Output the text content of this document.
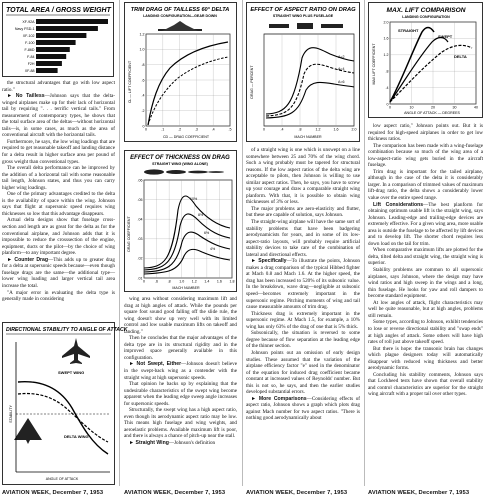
TOTAL AREA / GROSS WEIGHT
XF-92A
Navy FSD-1
XF-102
F-100
F-86D
F-84
F2H
XF-88

the structural advantages that go with low aspect ratio."

► No Tailless—Johnson says that the delta-winged airplanes make up for their lack of horizontal tail by requiring ". . . terrific vertical tails." From measurement of contemporary types, he shows that the total surface area of the deltas—without horizontal tails—is, in some cases, as much as the area of conventional aircraft with the horizontal tails.

Furthermore, he says, the low wing loadings that are required to get reasonable takeoff and landing distance for a delta result in higher surface area per pound of gross weight than conventional types.

The overall delta performance can be improved by the addition of a horizontal tail with some reasonable tail length, Johnson states, and thus you can carry higher wing loadings.

One of the primary advantages credited to the delta is the availability of space within the wing. Johnson says that flight at supersonic speed requires wing thicknesses so low that this advantage disappears.

Actual delta designs show that fuselage cross-section and length are as great for the delta as for the conventional airplane, and Johnson adds that it is impossible to reduce the crosssection of the engine, equipment, ducts or the pilot—by the choice of wing planform—to any important degree.

► Counter Drag—This adds up to greater drag for a delta at supersonic speeds because—even though fuselage drags are the same—the additional type—lower wing loading and larger vertical tail area increase the total.

"A major error in evaluating the delta type is generally made in considering

DIRECTIONAL STABILITY TO ANGLE OF ATTACK
STABILITY
ANGLE OF ATTACK
SWEPT WING
DELTA WING
AVIATION WEEK, December 7, 1953
TRIM DRAG OF TAILLESS 60° DELTA
LANDING CONFIGURATION—GEAR DOWN
0	.1	.2	.3	.4	.5
0
.2
.4
.6
.8
1.0
1.2
CL — LIFT COEFFICIENT
CD — DRAG COEFFICIENT
EFFECT OF THICKNESS ON DRAG
STRAIGHT WING (WING ALONE)
0	.6	.8 1.0 1.2 1.4 1.6 1.8
.01
.02
.03
.04
.05
.06
DRAG COEFFICIENT
MACH NUMBER
10%
8%
6%
4%

wing area without considering maximum lift and drag at high angles of attack. While the pounds per square foot sound good falling off the slide rule, the wing doesn't show up very well with its limited control and low usable maximum lifts on takeoff and landing."

Then he concludes that the major advantages of the delta type are in its structural rigidity and in the improved space generally available in this configuration.

► Not Swept, Either—Johnson doesn't believe in the swept-back wing as a contender with the straight wing at high supersonic speeds.

That opinion he backs up by explaining that the undesirable characteristics of the swept wing become apparent when the leading edge sweep angle increases for supersonic speeds.

Structurally, the swept wing has a high aspect ratio, even though its aerodynamic aspect ratio may be low. This means high fuselage and wing weights, and aeroelastic problems. Available maximum lift is poor, and there is always a chance of pitch-up near the stall.

► Straight Wing—Johnson's definition

AVIATION WEEK, December 7, 1953
EFFECT OF ASPECT RATIO ON DRAG
STRAIGHT WING PLUS FUSELAGE
0	.4	.8	1.2	1.6	2.0
DRAG — PERCENT
MACH NUMBER
A=2
A=4
A=6

of a straight wing is one which is unswept on a line somewhere between 25 and 70% of the wing chord. Such a wing probably must be tapered for structural reasons. If the low aspect ratios of the delta wing are acceptable to pilots, then Johnson is willing to use similar aspect ratios. Then, he says, you have to screw up your courage and draw a comparable straight wing planform. With that, it is possible to obtain wing thicknesses of 3% or less.

The major problems are aero-elasticity and flutter, but these are capable of solution, says Johnson.

The straight-wing airplane will have the same sort of stability problems that have been badgering aerodynamicists for years, and in some of its low-aspect-ratio layouts, will probably require artificial stability devices to take care of the combination of lateral and directional effects.

► Specifically—To illustrate the points, Johnson makes a drag comparison of the typical Hibbed fighter at Mach 0.8 and Mach 1.6. At the higher speed, the drag has been increased to 520% of its subsonic value. In the breakdown, wave drag—negligible at subsonic speed—becomes extremely important in the supersonic regime. Pitching moments of wing and tail cause measurable amounts of trim drag.

Thickness drag is extremely important in the supersonic regime. At Mach 1.5, for example, a 10% wing has only 63% of the drag of one that is 5% thick.

Subsonically, the situation is reversed to some degree because of flow separation at the leading edge of the thinner section.

Johnson points out an omission of early design studies. These assumed that the variation of the airplane efficiency factor "e" used in the denominator of the equation for induced drag coefficient became constant at increased values of Reynolds' number. But this is not so, he says, and then the earlier studies developed substantial errors.

► More Comparisons—Considering effects of aspect ratio, Johnson shows a graph which plots drag against Mach number for two aspect ratios. "There is nothing good aerodynamically about

AVIATION WEEK, December 7, 1953
MAX. LIFT COMPARISON
LANDING CONFIGURATION
0	10	20	30	40
0
.4
.8
1.2
1.6
2.0
MAX LIFT COEFFICIENT
ANGLE OF ATTACK — DEGREES
SWEPT
DELTA
STRAIGHT

low aspect ratio," Johnson points out. But it is required for high-speed airplanes in order to get low thickness ratios.

The comparison has been made with a wing-fuselage combination because so much of the wing area of a low-aspect-ratio wing gets buried in the aircraft fuselage.

Trim drag is important for the tailed airplane, although in the case of the delta it is considerably larger. In a comparison of trimmed values of maximum lift-drag ratio, the delta shows a considerably lower value over the entire speed range.

Lift Considerations—The best planform for obtaining optimum usable lift is the straight wing, says Johnson. Leading-edge and trailing-edge devices are extremely effective. For a given wing area, more usable area is outside the fuselage to be affected by lift devices and to develop lift. The shorter chord requires less down load on the tail for trim.

When comparative maximum lifts are plotted for the delta, tilted delta and straight wing, the straight wing is superior.

Stability problems are common to all supersonic airplanes, says Johnson, where the design may have wind ratios and high sweep in the wings and a long, thin fuselage. He looks for yaw and roll dampers to become standard equipment.

At low angles of attack, flight characteristics may well be quite reasonable, but at high angles, problems still remain.

Some types, according to Johnson, exhibit tendencies to lose or reverse directional stability and "swap ends" at high angles of attack. Some others will have high rates of roll just above takeoff speed.

But there is hope: the transonic brain has changes which plague designers today will automatically disappear with reduced wing thickness and better aerodynamic forms.

Concluding his stability comments, Johnson says that Lockheed tests have shown that overall stability and control characteristics are superior for the straight wing aircraft with a proper tail over other types.

AVIATION WEEK, December 7, 1953
